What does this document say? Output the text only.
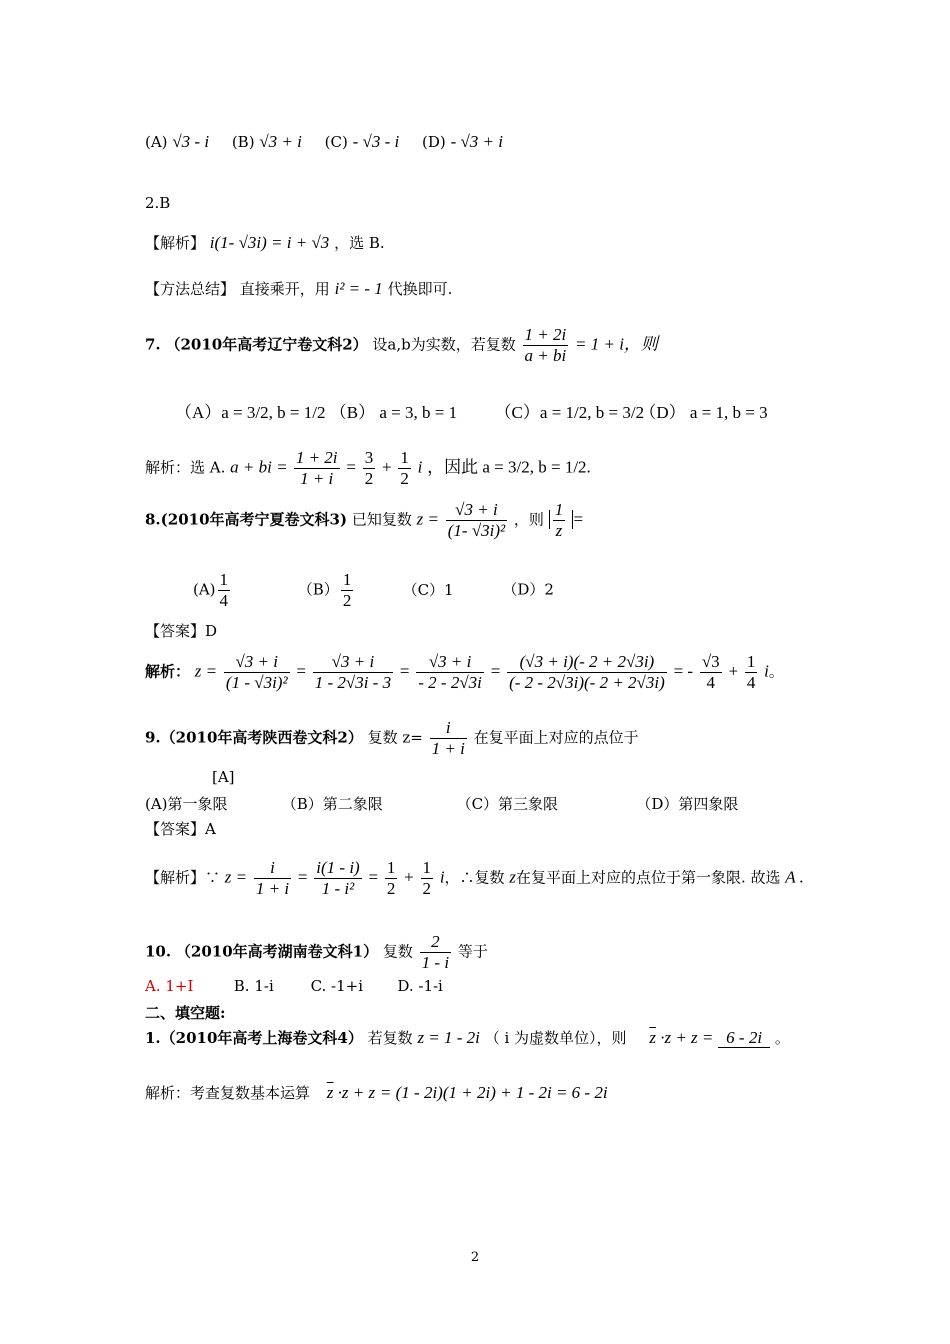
(A) √3 - i (B) √3 + i (C) - √3 - i (D) - √3 + i
2.B
【解析】 i(1- √3i) = i + √3 ，选 B.
【方法总结】 直接乘开，用 i² = - 1 代换即可.
7. （2010年高考辽宁卷文科2） 设a,b为实数，若复数 $\frac{1 + 2i}{a + bi} = 1 + i$，则
（A）a = 3/2, b = 1/2 （B） a = 3, b = 1 （C）a = 1/2, b = 3/2 （D） a = 1, b = 3
解析：选 A. a + bi = $\frac{1 + 2i}{1 + i} = \frac{3}{2} + \frac{1}{2}$ i ，因此 a = 3/2, b = 1/2.
8.(2010年高考宁夏卷文科3) 已知复数 $z = \frac{√3 + i}{\text{(1- √3i)²}}$ ，则 $\frac{1}{z}$ =
$(A) \frac{1}{4}$	$(B) \frac{1}{2}$	（C）1	（D）2
【答案】D
解析： $z = \frac{√3 + i}{\text{(1 - √3i)²}} = \frac{√3 + i}{1 - 2√3i - 3} = \frac{√3 + i}{- 2 - 2√3i} = \frac{(√3 + i)(- 2 + 2√3i)}{(- 2 - 2√3i)(- 2 + 2√3i)}$ = - $\frac{√3}{4} + \frac{1}{4}$ i。
9.（2010年高考陕西卷文科2） 复数 $z= \frac{i}{1 + i}$ 在复平面上对应的点位于
[A]
(A)第一象限	（B）第二象限	（C）第三象限	（D）第四象限
【答案】A
【解析】∵ $z = \frac{i}{1 + i} = \frac{i(1 - i)}{\text{1 - i²}} = \frac{1}{2} + \frac{1}{2}$ i，∴复数 z在复平面上对应的点位于第一象限. 故选 A .
10. （2010年高考湖南卷文科1） 复数 $\frac{2}{1 - i}$ 等于
A. 1+I	B. 1-i C. -1+i D. -1-i
二、填空题:
1.（2010年高考上海卷文科4） 若复数 z = 1 - 2i （ i 为虚数单位），则 $\overline{z} \cdot z + z = 6 - 2i$ 。
解析：考查复数基本运算 $\overline{z} \cdot z + z = (1 - 2i)(1 + 2i) + 1 - 2i = 6 - 2i$
2
